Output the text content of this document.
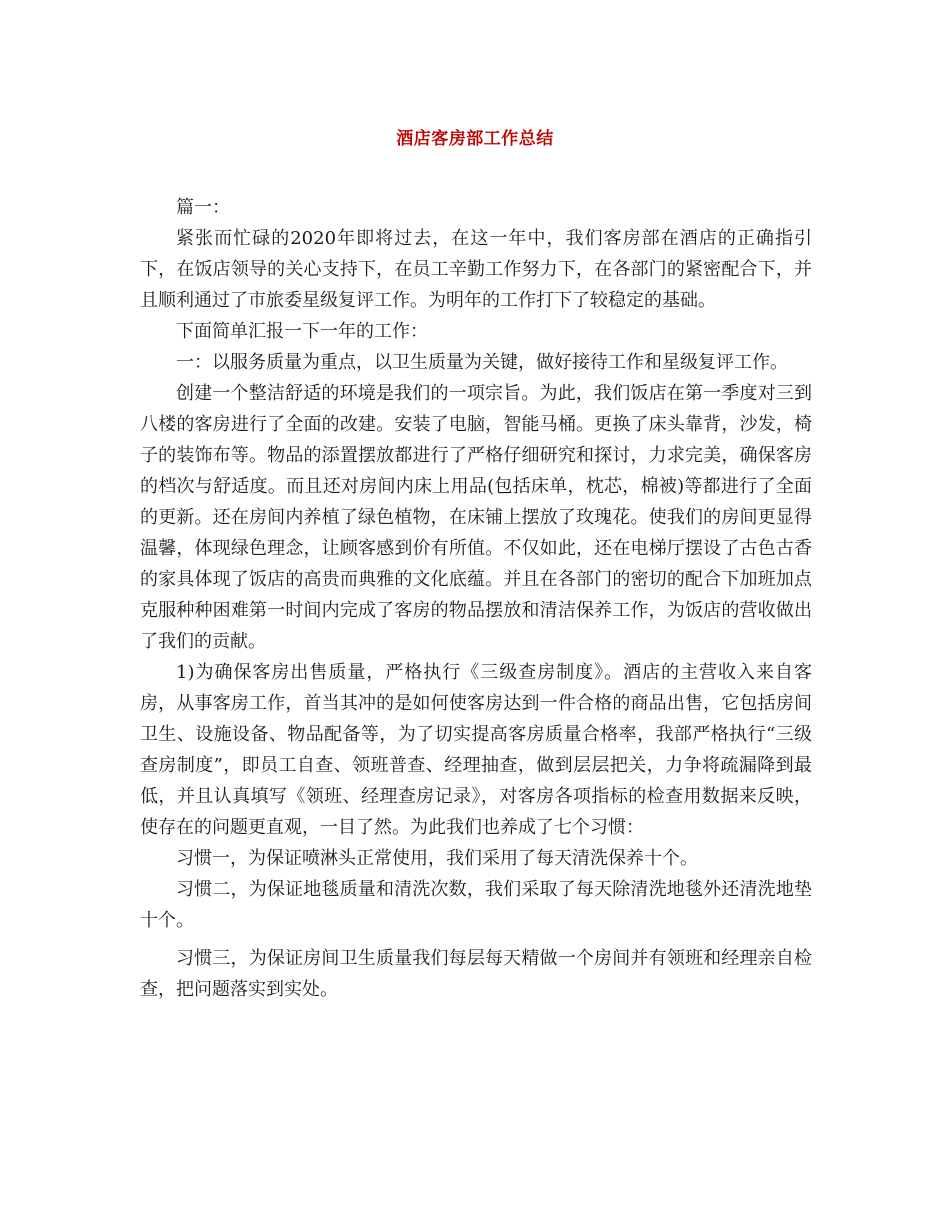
酒店客房部工作总结

篇一：

紧张而忙碌的2020年即将过去，在这一年中，我们客房部在酒店的正确指引下，在饭店领导的关心支持下，在员工辛勤工作努力下，在各部门的紧密配合下，并且顺利通过了市旅委星级复评工作。为明年的工作打下了较稳定的基础。

下面简单汇报一下一年的工作：

一：以服务质量为重点，以卫生质量为关键，做好接待工作和星级复评工作。

创建一个整洁舒适的环境是我们的一项宗旨。为此，我们饭店在第一季度对三到八楼的客房进行了全面的改建。安装了电脑，智能马桶。更换了床头靠背，沙发，椅子的装饰布等。物品的添置摆放都进行了严格仔细研究和探讨，力求完美，确保客房的档次与舒适度。而且还对房间内床上用品(包括床单，枕芯，棉被)等都进行了全面的更新。还在房间内养植了绿色植物，在床铺上摆放了玫瑰花。使我们的房间更显得温馨，体现绿色理念，让顾客感到价有所值。不仅如此，还在电梯厅摆设了古色古香的家具体现了饭店的高贵而典雅的文化底蕴。并且在各部门的密切的配合下加班加点克服种种困难第一时间内完成了客房的物品摆放和清洁保养工作，为饭店的营收做出了我们的贡献。

1)为确保客房出售质量，严格执行《三级查房制度》。酒店的主营收入来自客房，从事客房工作，首当其冲的是如何使客房达到一件合格的商品出售，它包括房间卫生、设施设备、物品配备等，为了切实提高客房质量合格率，我部严格执行“三级查房制度”，即员工自查、领班普查、经理抽查，做到层层把关，力争将疏漏降到最低，并且认真填写《领班、经理查房记录》，对客房各项指标的检查用数据来反映，使存在的问题更直观，一目了然。为此我们也养成了七个习惯：

习惯一，为保证喷淋头正常使用，我们采用了每天清洗保养十个。

习惯二，为保证地毯质量和清洗次数，我们采取了每天除清洗地毯外还清洗地垫十个。

习惯三，为保证房间卫生质量我们每层每天精做一个房间并有领班和经理亲自检查，把问题落实到实处。
